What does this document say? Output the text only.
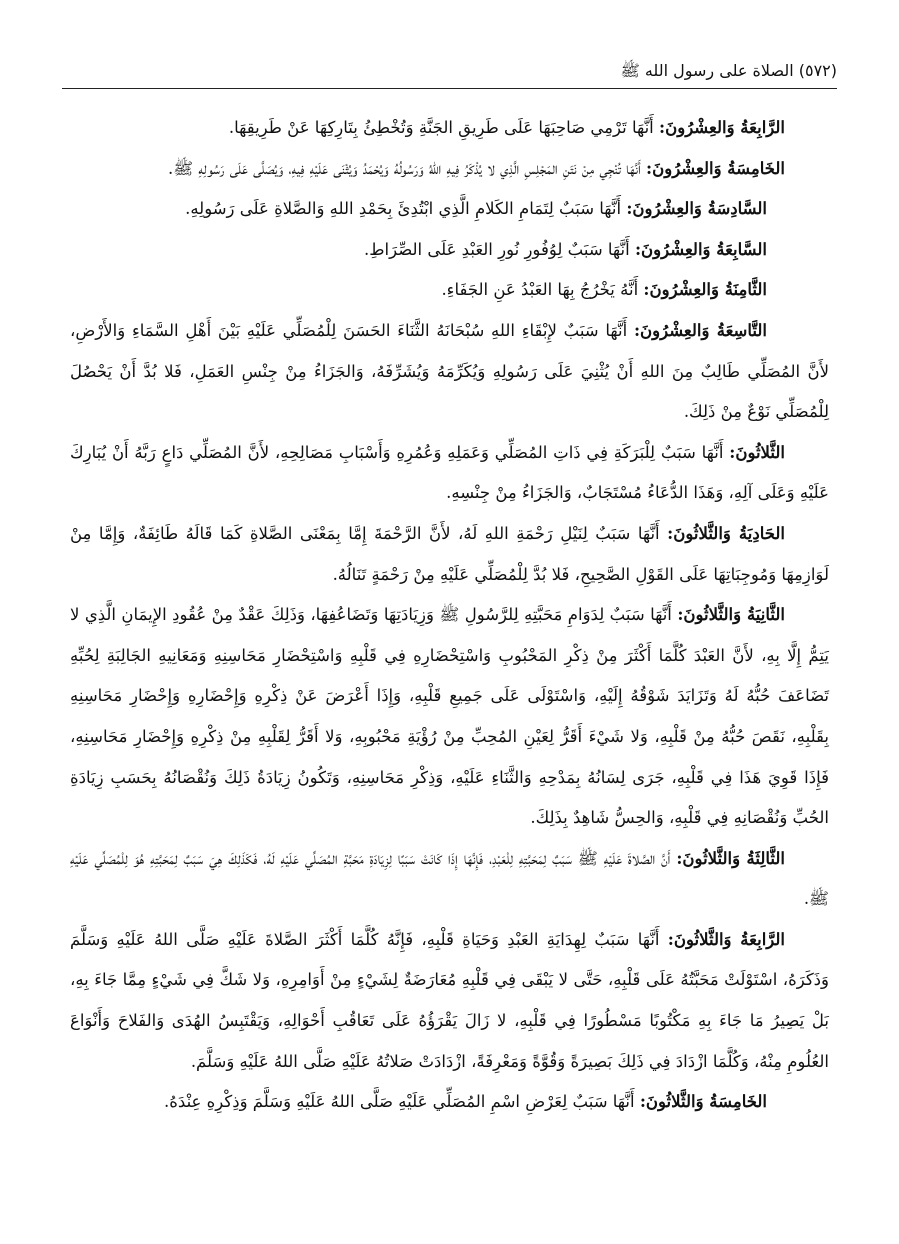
(٥٧٢) الصلاة على رسول الله ﷺ

الرَّابِعَةُ وَالعِشْرُونَ: أَنَّهَا تَرْمِي صَاحِبَهَا عَلَى طَرِيقِ الجَنَّةِ وَتُخْطِئُ بِتَارِكِهَا عَنْ طَرِيقِهَا.

الخَامِسَةُ وَالعِشْرُونَ: أَنَّهَا تُنْجِي مِنْ نَتَنِ المَجْلِسِ الَّذِي لا يُذْكَرُ فِيهِ اللهُ وَرَسُولُهُ وَيُحْمَدُ وَيُثْنَى عَلَيْهِ فِيهِ، وَيُصَلَّى عَلَى رَسُولِهِ ﷺ.

السَّادِسَةُ وَالعِشْرُونَ: أَنَّهَا سَبَبٌ لِتَمَامِ الكَلامِ الَّذِي ابْتُدِئَ بِحَمْدِ اللهِ وَالصَّلاةِ عَلَى رَسُولِهِ.

السَّابِعَةُ وَالعِشْرُونَ: أَنَّهَا سَبَبٌ لِوُفُورِ نُورِ العَبْدِ عَلَى الصِّرَاطِ.

الثَّامِنَةُ وَالعِشْرُونَ: أَنَّهُ يَخْرُجُ بِهَا العَبْدُ عَنِ الجَفَاءِ.

التَّاسِعَةُ وَالعِشْرُونَ: أَنَّهَا سَبَبٌ لإِبْقَاءِ اللهِ سُبْحَانَهُ الثَّنَاءَ الحَسَنَ لِلْمُصَلِّي عَلَيْهِ بَيْنَ أَهْلِ السَّمَاءِ وَالأَرْضِ، لأَنَّ المُصَلِّي طَالِبٌ مِنَ اللهِ أَنْ يُثْنِيَ عَلَى رَسُولِهِ وَيُكَرِّمَهُ وَيُشَرِّفَهُ، وَالجَزَاءُ مِنْ جِنْسِ العَمَلِ، فَلا بُدَّ أَنْ يَحْصُلَ لِلْمُصَلِّي نَوْعٌ مِنْ ذَلِكَ.

الثَّلاثُونَ: أَنَّهَا سَبَبٌ لِلْبَرَكَةِ فِي ذَاتِ المُصَلِّي وَعَمَلِهِ وَعُمُرِهِ وَأَسْبَابِ مَصَالِحِهِ، لأَنَّ المُصَلِّي دَاعٍ رَبَّهُ أَنْ يُبَارِكَ عَلَيْهِ وَعَلَى آلِهِ، وَهَذَا الدُّعَاءُ مُسْتَجَابٌ، وَالجَزَاءُ مِنْ جِنْسِهِ.

الحَادِيَةُ وَالثَّلاثُونَ: أَنَّهَا سَبَبٌ لِنَيْلِ رَحْمَةِ اللهِ لَهُ، لأَنَّ الرَّحْمَةَ إِمَّا بِمَعْنَى الصَّلاةِ كَمَا قَالَهُ طَائِفَةٌ، وَإِمَّا مِنْ لَوَازِمِهَا وَمُوجِبَاتِهَا عَلَى القَوْلِ الصَّحِيحِ، فَلا بُدَّ لِلْمُصَلِّي عَلَيْهِ مِنْ رَحْمَةٍ تَنَالُهُ.

الثَّانِيَةُ وَالثَّلاثُونَ: أَنَّهَا سَبَبٌ لِدَوَامِ مَحَبَّتِهِ لِلرَّسُولِ ﷺ وَزِيَادَتِهَا وَتَضَاعُفِهَا، وَذَلِكَ عَقْدٌ مِنْ عُقُودِ الإِيمَانِ الَّذِي لا يَتِمُّ إِلَّا بِهِ، لأَنَّ العَبْدَ كُلَّمَا أَكْثَرَ مِنْ ذِكْرِ المَحْبُوبِ وَاسْتِحْضَارِهِ فِي قَلْبِهِ وَاسْتِحْضَارِ مَحَاسِنِهِ وَمَعَانِيهِ الجَالِبَةِ لِحُبِّهِ تَضَاعَفَ حُبُّهُ لَهُ وَتَزَايَدَ شَوْقُهُ إِلَيْهِ، وَاسْتَوْلَى عَلَى جَمِيعِ قَلْبِهِ، وَإِذَا أَعْرَضَ عَنْ ذِكْرِهِ وَإِحْضَارِهِ وَإِحْضَارِ مَحَاسِنِهِ بِقَلْبِهِ، نَقَصَ حُبُّهُ مِنْ قَلْبِهِ، وَلا شَيْءَ أَقَرُّ لِعَيْنِ المُحِبِّ مِنْ رُؤْيَةِ مَحْبُوبِهِ، وَلا أَقَرُّ لِقَلْبِهِ مِنْ ذِكْرِهِ وَإِحْضَارِ مَحَاسِنِهِ، فَإِذَا قَوِيَ هَذَا فِي قَلْبِهِ، جَرَى لِسَانُهُ بِمَدْحِهِ وَالثَّنَاءِ عَلَيْهِ، وَذِكْرِ مَحَاسِنِهِ، وَتَكُونُ زِيَادَةُ ذَلِكَ وَنُقْصَانُهُ بِحَسَبِ زِيَادَةِ الحُبِّ وَنُقْصَانِهِ فِي قَلْبِهِ، وَالحِسُّ شَاهِدٌ بِذَلِكَ.

الثَّالِثَةُ وَالثَّلاثُونَ: أَنَّ الصَّلاةَ عَلَيْهِ ﷺ سَبَبٌ لِمَحَبَّتِهِ لِلْعَبْدِ، فَإِنَّهَا إِذَا كَانَتْ سَبَبًا لِزِيَادَةِ مَحَبَّةِ المُصَلِّي عَلَيْهِ لَهُ، فَكَذَلِكَ هِيَ سَبَبٌ لِمَحَبَّتِهِ هُوَ لِلْمُصَلِّي عَلَيْهِ ﷺ.

الرَّابِعَةُ وَالثَّلاثُونَ: أَنَّهَا سَبَبٌ لِهِدَايَةِ العَبْدِ وَحَيَاةِ قَلْبِهِ، فَإِنَّهُ كُلَّمَا أَكْثَرَ الصَّلاةَ عَلَيْهِ صَلَّى اللهُ عَلَيْهِ وَسَلَّمَ وَذَكَرَهُ، اسْتَوْلَتْ مَحَبَّتُهُ عَلَى قَلْبِهِ، حَتَّى لا يَبْقَى فِي قَلْبِهِ مُعَارَضَةٌ لِشَيْءٍ مِنْ أَوَامِرِهِ، وَلا شَكَّ فِي شَيْءٍ مِمَّا جَاءَ بِهِ، بَلْ يَصِيرُ مَا جَاءَ بِهِ مَكْتُوبًا مَسْطُورًا فِي قَلْبِهِ، لا زَالَ يَقْرَؤُهُ عَلَى تَعَاقُبِ أَحْوَالِهِ، وَيَقْتَبِسُ الهُدَى وَالفَلاحَ وَأَنْوَاعَ العُلُومِ مِنْهُ، وَكُلَّمَا ازْدَادَ فِي ذَلِكَ بَصِيرَةً وَقُوَّةً وَمَعْرِفَةً، ازْدَادَتْ صَلاتُهُ عَلَيْهِ صَلَّى اللهُ عَلَيْهِ وَسَلَّمَ.

الخَامِسَةُ وَالثَّلاثُونَ: أَنَّهَا سَبَبٌ لِعَرْضِ اسْمِ المُصَلِّي عَلَيْهِ صَلَّى اللهُ عَلَيْهِ وَسَلَّمَ وَذِكْرِهِ عِنْدَهُ.
